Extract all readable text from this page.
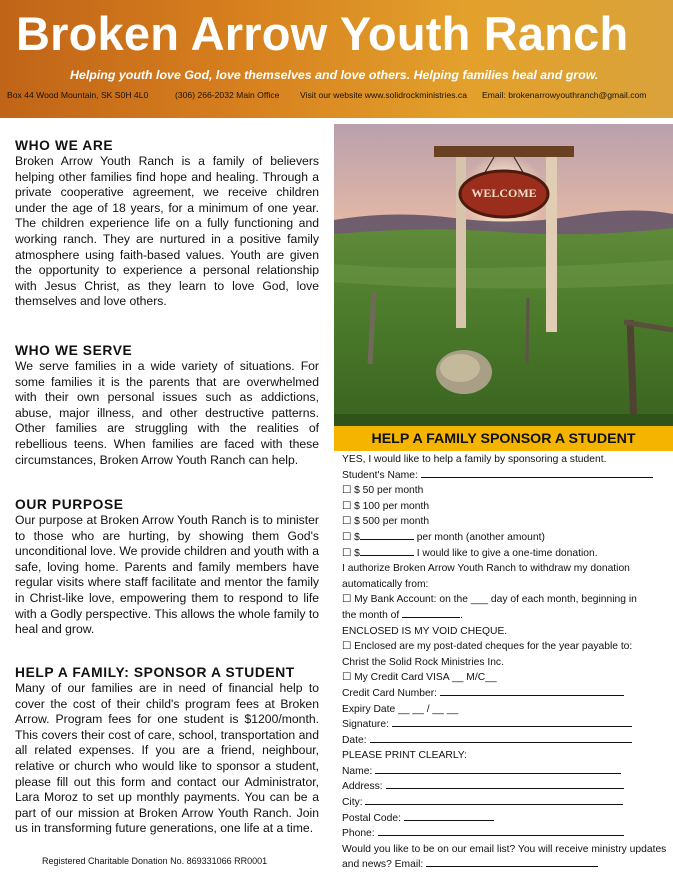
Broken Arrow Youth Ranch
Helping youth love God, love themselves and love others. Helping families heal and grow.
Box 44 Wood Mountain, SK S0H 4L0	(306) 266-2032 Main Office Visit our website www.solidrockministries.ca Email: brokenarrowyouthranch@gmail.com
WHO WE ARE

Broken Arrow Youth Ranch is a family of believers helping other families find hope and healing. Through a private cooperative agreement, we receive children under the age of 18 years, for a minimum of one year. The children experience life on a fully functioning and working ranch. They are nurtured in a positive family atmosphere using faith-based values. Youth are given the opportunity to experience a personal relationship with Jesus Christ, as they learn to love God, love themselves and love others.

WHO WE SERVE

We serve families in a wide variety of situations. For some families it is the parents that are overwhelmed with their own personal issues such as addictions, abuse, major illness, and other destructive patterns. Other families are struggling with the realities of rebellious teens. When families are faced with these circumstances, Broken Arrow Youth Ranch can help.

OUR PURPOSE

Our purpose at Broken Arrow Youth Ranch is to minister to those who are hurting, by showing them God's unconditional love. We provide children and youth with a safe, loving home. Parents and family members have regular visits where staff facilitate and mentor the family in Christ-like love, empowering them to respond to life with a Godly perspective. This allows the whole family to heal and grow.

HELP A FAMILY: SPONSOR A STUDENT

Many of our families are in need of financial help to cover the cost of their child's program fees at Broken Arrow. Program fees for one student is $1200/month. This covers their cost of care, school, transportation and all related expenses. If you are a friend, neighbour, relative or church who would like to sponsor a student, please fill out this form and contact our Administrator, Lara Moroz to set up monthly payments. You can be a part of our mission at Broken Arrow Youth Ranch. Join us in transforming future generations, one life at a time.

Registered Charitable Donation No. 869331066 RR0001
WELCOME
HELP A FAMILY SPONSOR A STUDENT
YES, I would like to help a family by sponsoring a student.
Student's Name:
☐ $ 50 per month
☐ $ 100 per month
☐ $ 500 per month
☐ $	per month (another amount)
☐ $	I would like to give a one-time donation.
I authorize Broken Arrow Youth Ranch to withdraw my donation
automatically from:
☐ My Bank Account: on the ___ day of each month, beginning in
the month of	.
ENCLOSED IS MY VOID CHEQUE.
☐ Enclosed are my post-dated cheques for the year payable to:
Christ the Solid Rock Ministries Inc.
☐ My Credit Card VISA __ M/C__
Credit Card Number:
Expiry Date __ __ / __ __
Signature:
Date:
PLEASE PRINT CLEARLY:
Name:
Address:
City:
Postal Code:
Phone:
Would you like to be on our email list? You will receive ministry updates
and news? Email:
